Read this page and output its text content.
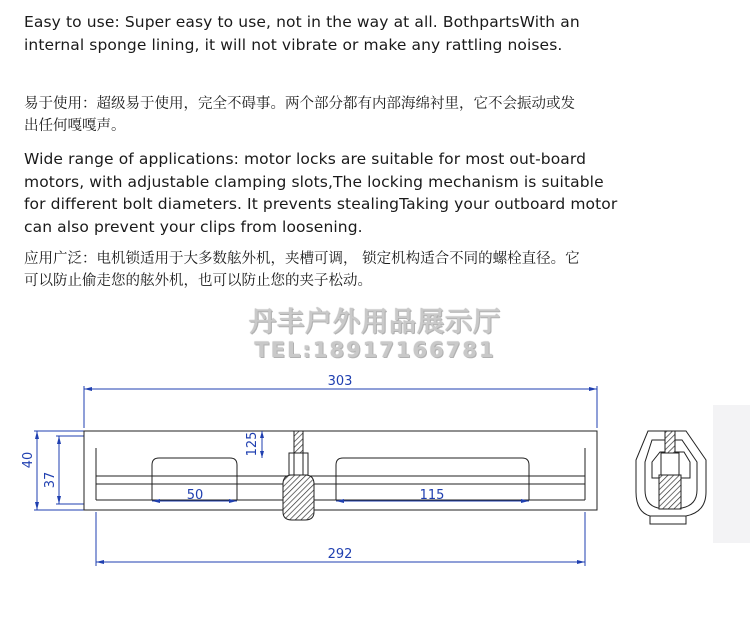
Easy to use: Super easy to use, not in the way at all. BothpartsWith an internal sponge lining, it will not vibrate or make any rattling noises.

易于使用：超级易于使用，完全不碍事。两个部分都有内部海绵衬里，它不会振动或发出任何嘎嘎声。

Wide range of applications: motor locks are suitable for most out-board motors, with adjustable clamping slots,The locking mechanism is suitable for different bolt diameters. It prevents stealingTaking your outboard motor can also prevent your clips from loosening.

应用广泛：电机锁适用于大多数舷外机，夹槽可调， 锁定机构适合不同的螺栓直径。它可以防止偷走您的舷外机，也可以防止您的夹子松动。

丹丰户外用品展示厅
TEL:18917166781
303
40
37
50	115
125
292
